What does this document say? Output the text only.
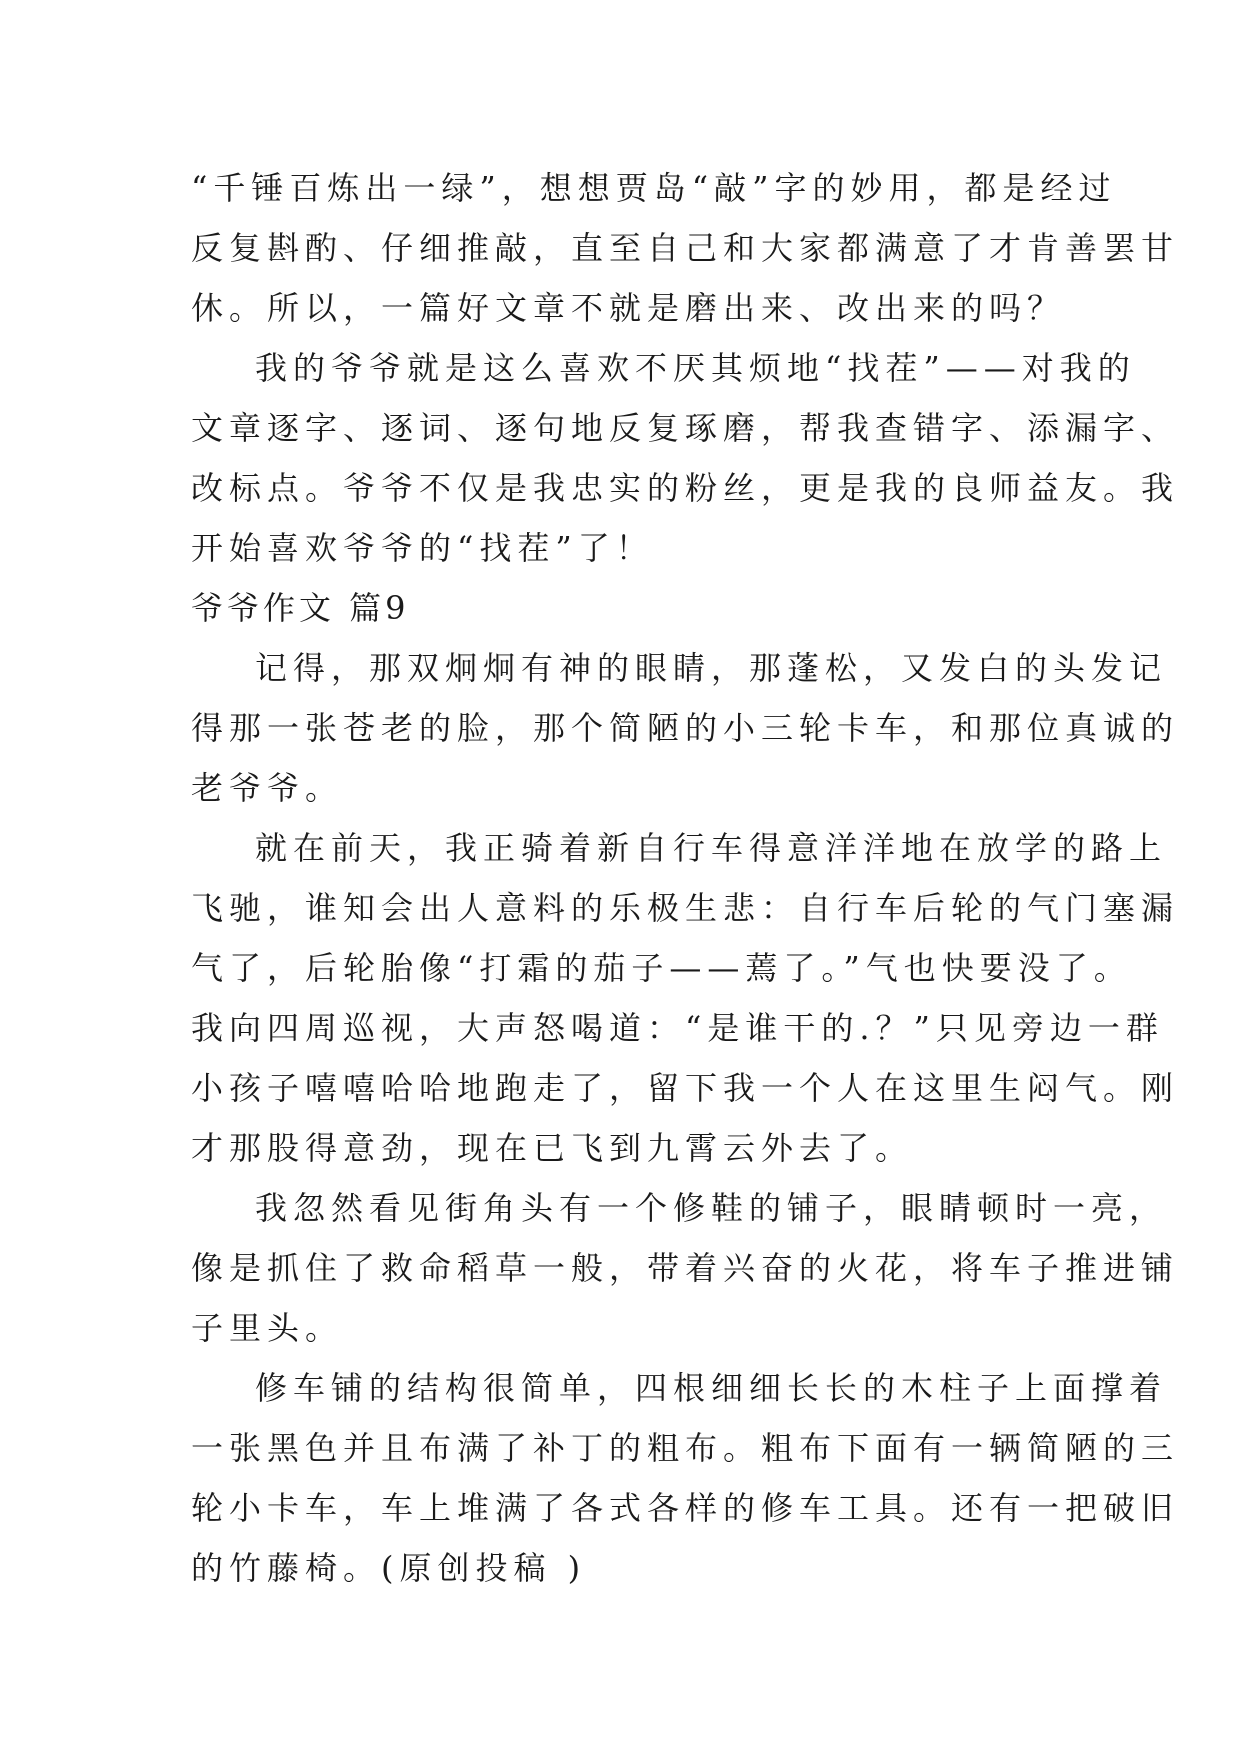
“千锤百炼出一绿”，想想贾岛“敲”字的妙用，都是经过
反复斟酌、仔细推敲，直至自己和大家都满意了才肯善罢甘
休。所以，一篇好文章不就是磨出来、改出来的吗？
我的爷爷就是这么喜欢不厌其烦地“找茬”——对我的
文章逐字、逐词、逐句地反复琢磨，帮我查错字、添漏字、
改标点。爷爷不仅是我忠实的粉丝，更是我的良师益友。我
开始喜欢爷爷的“找茬”了！
爷爷作文 篇9
记得，那双炯炯有神的眼睛，那蓬松，又发白的头发记
得那一张苍老的脸，那个简陋的小三轮卡车，和那位真诚的
老爷爷。
就在前天，我正骑着新自行车得意洋洋地在放学的路上
飞驰，谁知会出人意料的乐极生悲：自行车后轮的气门塞漏
气了，后轮胎像“打霜的茄子——蔫了。”气也快要没了。
我向四周巡视，大声怒喝道：“是谁干的.？”只见旁边一群
小孩子嘻嘻哈哈地跑走了，留下我一个人在这里生闷气。刚
才那股得意劲，现在已飞到九霄云外去了。
我忽然看见街角头有一个修鞋的铺子，眼睛顿时一亮，
像是抓住了救命稻草一般，带着兴奋的火花，将车子推进铺
子里头。
修车铺的结构很简单，四根细细长长的木柱子上面撑着
一张黑色并且布满了补丁的粗布。粗布下面有一辆简陋的三
轮小卡车，车上堆满了各式各样的修车工具。还有一把破旧
的竹藤椅。(原创投稿 )
